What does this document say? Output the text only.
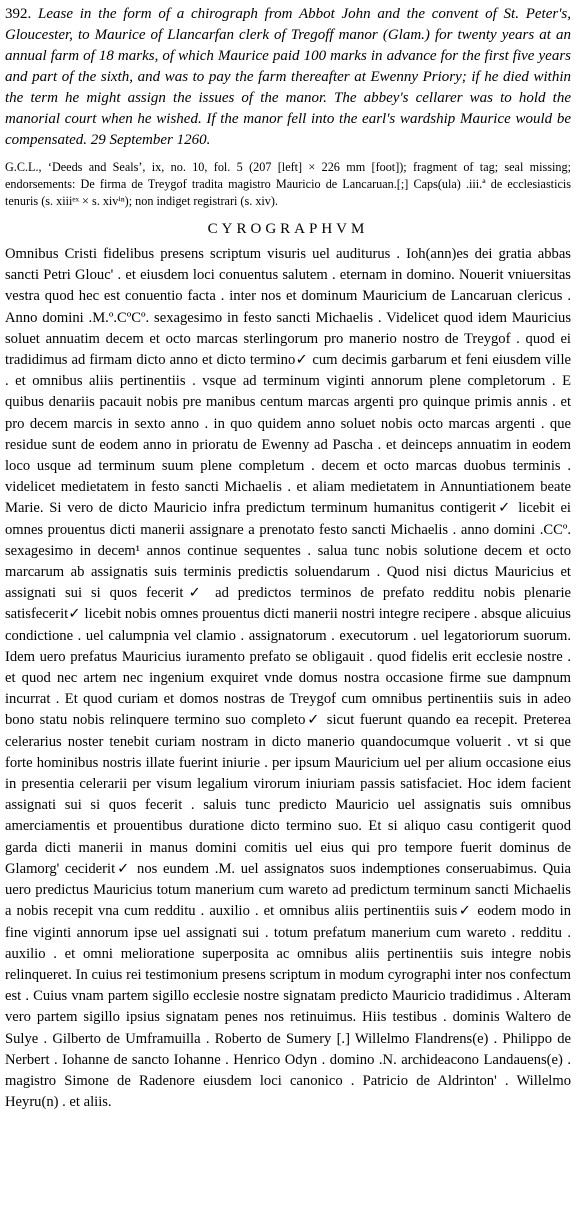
392. Lease in the form of a chirograph from Abbot John and the convent of St. Peter's, Gloucester, to Maurice of Llancarfan clerk of Tregoff manor (Glam.) for twenty years at an annual farm of 18 marks, of which Maurice paid 100 marks in advance for the first five years and part of the sixth, and was to pay the farm thereafter at Ewenny Priory; if he died within the term he might assign the issues of the manor. The abbey's cellarer was to hold the manorial court when he wished. If the manor fell into the earl's wardship Maurice would be compensated. 29 September 1260.

G.C.L., ‘Deeds and Seals’, ix, no. 10, fol. 5 (207 [left] × 226 mm [foot]); fragment of tag; seal missing; endorsements: De firma de Treygof tradita magistro Mauricio de Lancaruan.[;] Caps(ula) .iii.ª de ecclesiasticis tenuris (s. xiiiᵉˣ × s. xivⁱⁿ); non indiget registrari (s. xiv).

CYROGRAPHVM

Omnibus Cristi fidelibus presens scriptum visuris uel auditurus . Ioh(ann)es dei gratia abbas sancti Petri Glouc' . et eiusdem loci conuentus salutem . eternam in domino. Nouerit vniuersitas vestra quod hec est conuentio facta . inter nos et dominum Mauricium de Lancaruan clericus . Anno domini .M.º.CºCº. sexagesimo in festo sancti Michaelis . Videlicet quod idem Mauricius soluet annuatim decem et octo marcas sterlingorum pro manerio nostro de Treygof . quod ei tradidimus ad firmam dicto anno et dicto termino✓ cum decimis garbarum et feni eiusdem ville . et omnibus aliis pertinentiis . vsque ad terminum viginti annorum plene completorum . E quibus denariis pacauit nobis pre manibus centum marcas argenti pro quinque primis annis . et pro decem marcis in sexto anno . in quo quidem anno soluet nobis octo marcas argenti . que residue sunt de eodem anno in prioratu de Ewenny ad Pascha . et deinceps annuatim in eodem loco usque ad terminum suum plene completum . decem et octo marcas duobus terminis . videlicet medietatem in festo sancti Michaelis . et aliam medietatem in Annuntiationem beate Marie. Si vero de dicto Mauricio infra predictum terminum humanitus contigerit✓ licebit ei omnes prouentus dicti manerii assignare a prenotato festo sancti Michaelis . anno domini .CCº. sexagesimo in decem¹ annos continue sequentes . salua tunc nobis solutione decem et octo marcarum ab assignatis suis terminis predictis soluendarum . Quod nisi dictus Mauricius et assignati sui si quos fecerit✓ ad predictos terminos de prefato redditu nobis plenarie satisfecerit✓ licebit nobis omnes prouentus dicti manerii nostri integre recipere . absque alicuius condictione . uel calumpnia vel clamio . assignatorum . executorum . uel legatoriorum suorum. Idem uero prefatus Mauricius iuramento prefato se obligauit . quod fidelis erit ecclesie nostre . et quod nec artem nec ingenium exquiret vnde domus nostra occasione firme sue dampnum incurrat . Et quod curiam et domos nostras de Treygof cum omnibus pertinentiis suis in adeo bono statu nobis relinquere termino suo completo✓ sicut fuerunt quando ea recepit. Preterea celerarius noster tenebit curiam nostram in dicto manerio quandocumque voluerit . vt si que forte hominibus nostris illate fuerint iniurie . per ipsum Mauricium uel per alium occasione eius in presentia celerarii per visum legalium virorum iniuriam passis satisfaciet. Hoc idem facient assignati sui si quos fecerit . saluis tunc predicto Mauricio uel assignatis suis omnibus amerciamentis et prouentibus duratione dicto termino suo. Et si aliquo casu contigerit quod garda dicti manerii in manus domini comitis uel eius qui pro tempore fuerit dominus de Glamorg' ceciderit✓ nos eundem .M. uel assignatos suos indemptiones conseruabimus. Quia uero predictus Mauricius totum manerium cum wareto ad predictum terminum sancti Michaelis a nobis recepit vna cum redditu . auxilio . et omnibus aliis pertinentiis suis✓ eodem modo in fine viginti annorum ipse uel assignati sui . totum prefatum manerium cum wareto . redditu . auxilio . et omni melioratione superposita ac omnibus aliis pertinentiis suis integre nobis relinqueret. In cuius rei testimonium presens scriptum in modum cyrographi inter nos confectum est . Cuius vnam partem sigillo ecclesie nostre signatam predicto Mauricio tradidimus . Alteram vero partem sigillo ipsius signatam penes nos retinuimus. Hiis testibus . dominis Waltero de Sulye . Gilberto de Umframuilla . Roberto de Sumery [.] Willelmo Flandrens(e) . Philippo de Nerbert . Iohanne de sancto Iohanne . Henrico Odyn . domino .N. archideacono Landauens(e) . magistro Simone de Radenore eiusdem loci canonico . Patricio de Aldrinton' . Willelmo Heyru(n) . et aliis.
